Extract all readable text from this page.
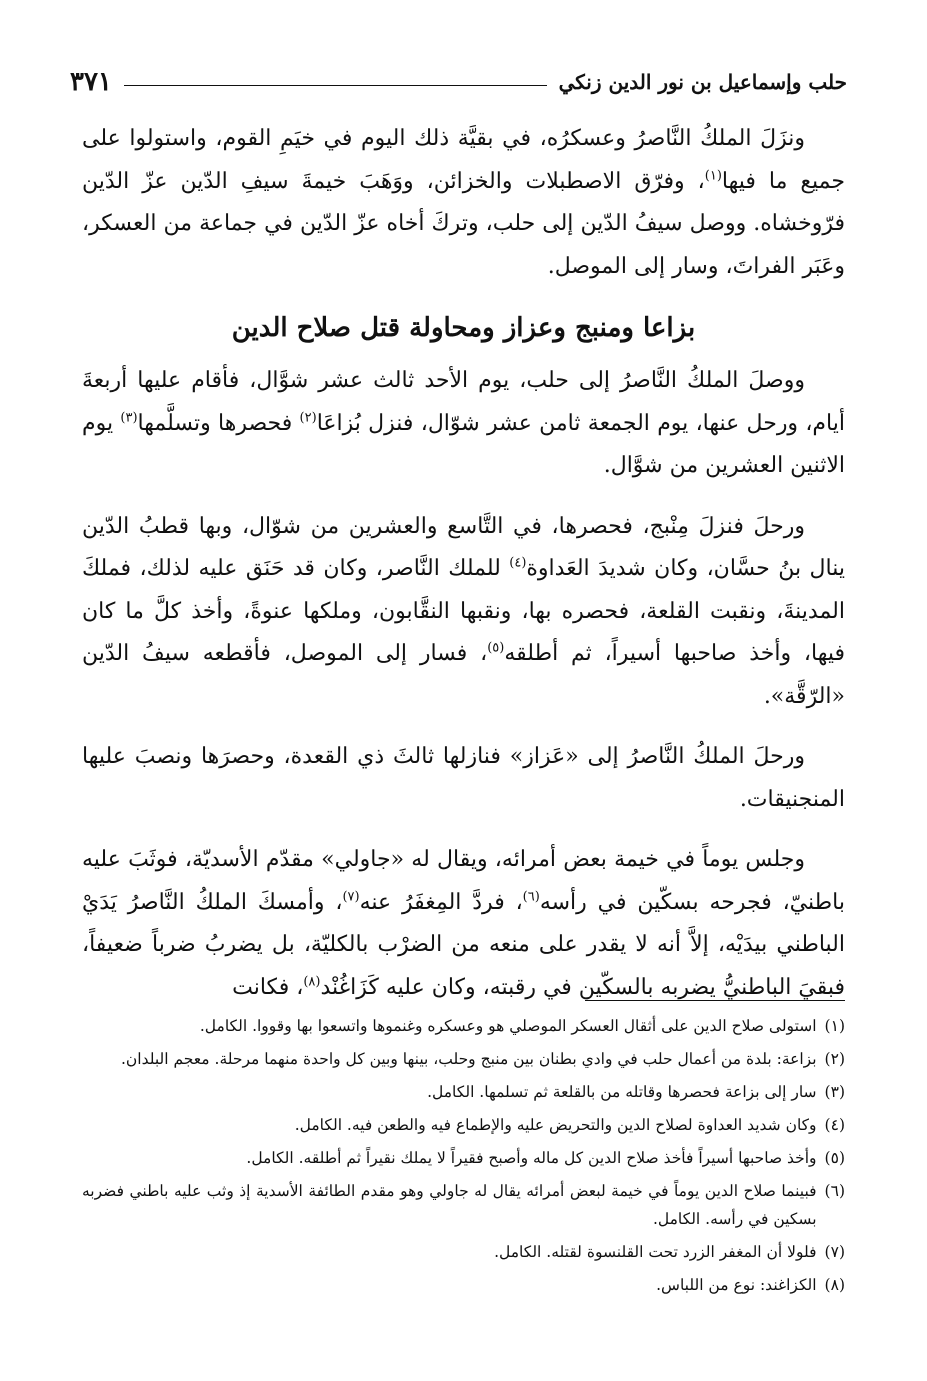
حلب وإسماعيل بن نور الدين زنكي
٣٧١

ونزَلَ الملكُ النَّاصرُ وعسكرُه، في بقيَّة ذلك اليوم في خيَمِ القوم، واستولوا على جميع ما فيها$^{(١)}$، وفرّق الاصطبلات والخزائن، ووَهَبَ خيمةَ سيفِ الدّين عزّ الدّين فرّوخشاه. ووصل سيفُ الدّين إلى حلب، وتركَ أخاه عزّ الدّين في جماعة من العسكر، وعَبَر الفراتَ، وسار إلى الموصل.

بزاعا ومنبج وعزاز ومحاولة قتل صلاح الدين

ووصلَ الملكُ النَّاصرُ إلى حلب، يوم الأحد ثالث عشر شوَّال، فأقام عليها أربعةَ أيام، ورحل عنها، يوم الجمعة ثامن عشر شوّال، فنزل بُزاعَا$^{(٢)}$ فحصرها وتسلَّمها$^{(٣)}$ يوم الاثنين العشرين من شوَّال.

ورحلَ فنزلَ مِنْبج، فحصرها، في التَّاسع والعشرين من شوّال، وبها قطبُ الدّين ينال بنُ حسَّان، وكان شديدَ العَداوة$^{(٤)}$ للملك النَّاصر، وكان قد حَنَق عليه لذلك، فملكَ المدينةَ، ونقبت القلعة، فحصره بها، ونقبها النقَّابون، وملكها عنوةً، وأخذ كلَّ ما كان فيها، وأخذ صاحبها أسيراً، ثم أطلقه$^{(٥)}$، فسار إلى الموصل، فأقطعه سيفُ الدّين «الرّقَّة».

ورحلَ الملكُ النَّاصرُ إلى «عَزاز» فنازلها ثالثَ ذي القعدة، وحصرَها ونصبَ عليها المنجنيقات.

وجلس يوماً في خيمة بعض أمرائه، ويقال له «جاولي» مقدّم الأسديّة، فوثَبَ عليه باطنيّ، فجرحه بسكّين في رأسه$^{(٦)}$، فردَّ المِغفَرُ عنه$^{(٧)}$، وأمسكَ الملكُ النَّاصرُ يَدَيْ الباطني بيدَيْه، إلاَّ أنه لا يقدر على منعه من الضرْب بالكليّة، بل يضربُ ضرباً ضعيفاً، فبقيَ الباطنيُّ يضربه بالسكّين في رقبته، وكان عليه كَزَاغُنْد$^{(٨)}$، فكانت

(١)
استولى صلاح الدين على أثقال العسكر الموصلي هو وعسكره وغنموها واتسعوا بها وقووا. الكامل.
(٢)
بزاعة: بلدة من أعمال حلب في وادي بطنان بين منبج وحلب، بينها وبين كل واحدة منهما مرحلة. معجم البلدان.
(٣)
سار إلى بزاعة فحصرها وقاتله من بالقلعة ثم تسلمها. الكامل.
(٤)
وكان شديد العداوة لصلاح الدين والتحريض عليه والإطماع فيه والطعن فيه. الكامل.
(٥)
وأخذ صاحبها أسيراً فأخذ صلاح الدين كل ماله وأصبح فقيراً لا يملك نقيراً ثم أطلقه. الكامل.
(٦)
فبينما صلاح الدين يوماً في خيمة لبعض أمرائه يقال له جاولي وهو مقدم الطائفة الأسدية إذ وثب عليه باطني فضربه بسكين في رأسه. الكامل.
(٧)
فلولا أن المغفر الزرد تحت القلنسوة لقتله. الكامل.
(٨)
الكزاغند: نوع من اللباس.
